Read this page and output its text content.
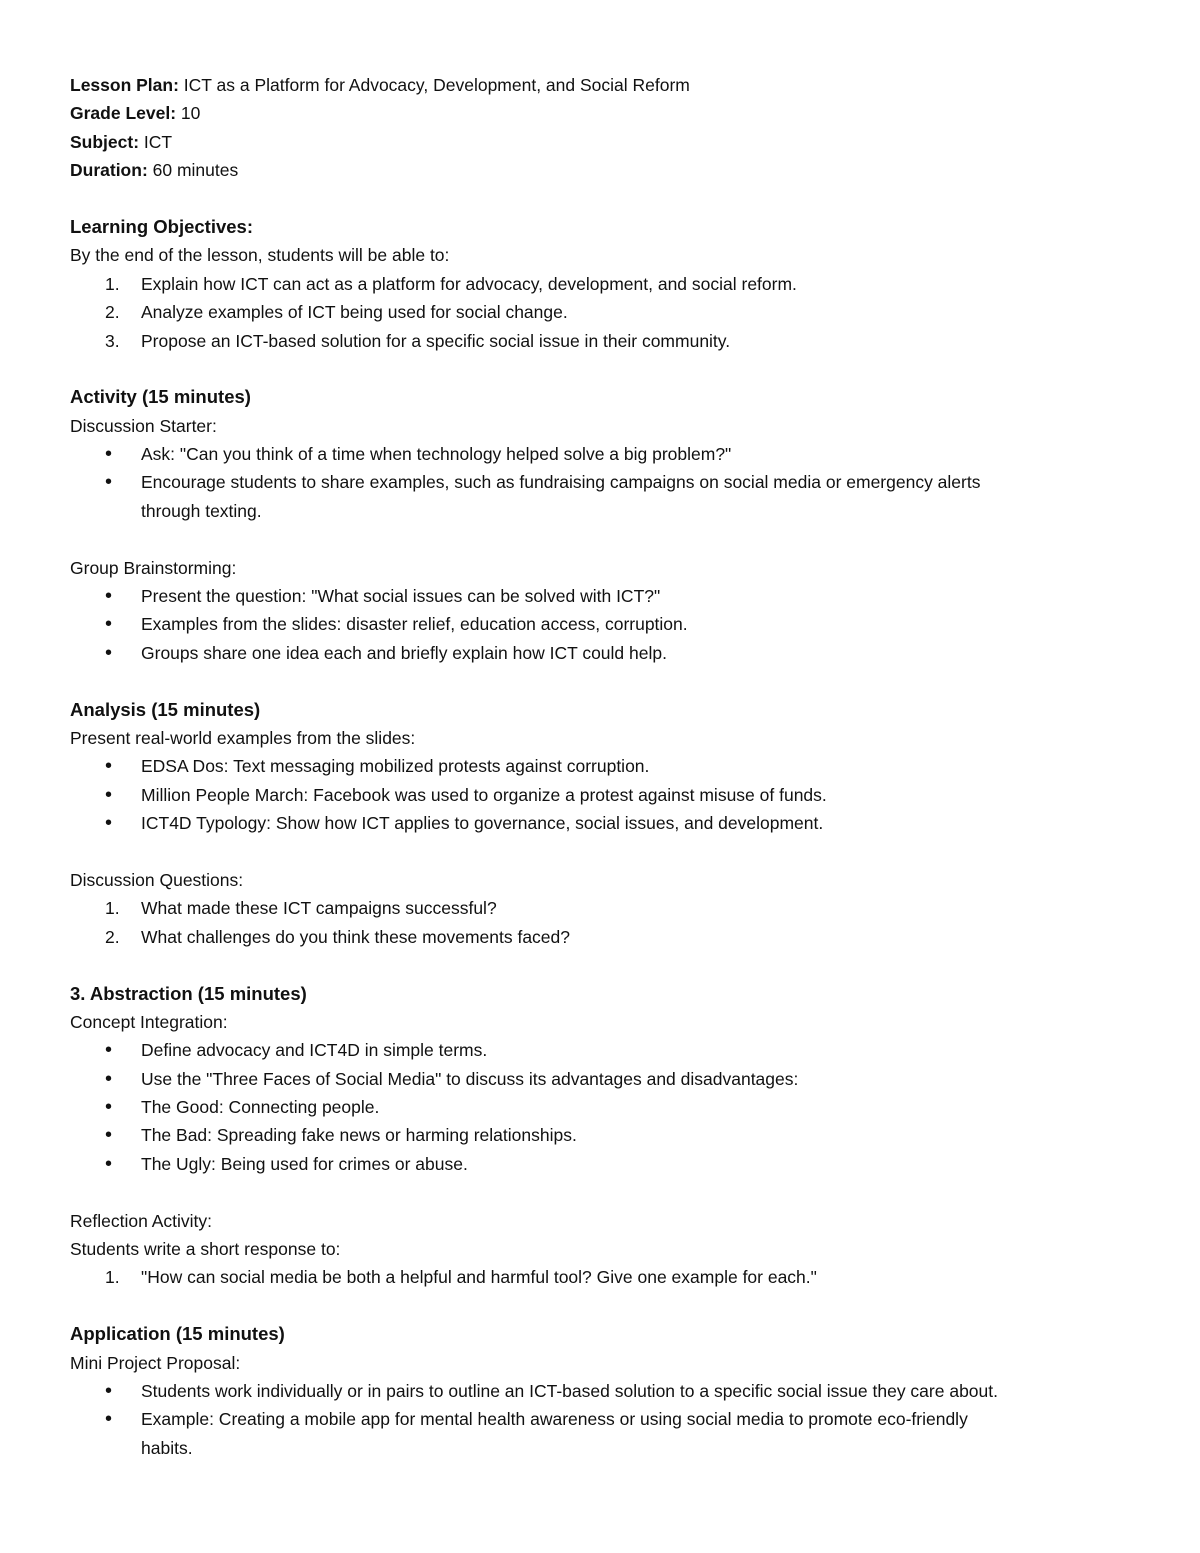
Lesson Plan: ICT as a Platform for Advocacy, Development, and Social Reform
Grade Level: 10
Subject: ICT
Duration: 60 minutes
Learning Objectives:
By the end of the lesson, students will be able to:
1.	Explain how ICT can act as a platform for advocacy, development, and social reform.
2.	Analyze examples of ICT being used for social change.
3.	Propose an ICT-based solution for a specific social issue in their community.
Activity (15 minutes)
Discussion Starter:
•	Ask: "Can you think of a time when technology helped solve a big problem?"
•	Encourage students to share examples, such as fundraising campaigns on social media or emergency alerts
through texting.
Group Brainstorming:
•	Present the question: "What social issues can be solved with ICT?"
•	Examples from the slides: disaster relief, education access, corruption.
•	Groups share one idea each and briefly explain how ICT could help.
Analysis (15 minutes)
Present real-world examples from the slides:
•	EDSA Dos: Text messaging mobilized protests against corruption.
•	Million People March: Facebook was used to organize a protest against misuse of funds.
•	ICT4D Typology: Show how ICT applies to governance, social issues, and development.
Discussion Questions:
1.	What made these ICT campaigns successful?
2.	What challenges do you think these movements faced?
3. Abstraction (15 minutes)
Concept Integration:
•	Define advocacy and ICT4D in simple terms.
•	Use the "Three Faces of Social Media" to discuss its advantages and disadvantages:
•	The Good: Connecting people.
•	The Bad: Spreading fake news or harming relationships.
•	The Ugly: Being used for crimes or abuse.
Reflection Activity:
Students write a short response to:
1.	"How can social media be both a helpful and harmful tool? Give one example for each."
Application (15 minutes)
Mini Project Proposal:
•	Students work individually or in pairs to outline an ICT-based solution to a specific social issue they care about.
•	Example: Creating a mobile app for mental health awareness or using social media to promote eco-friendly
habits.
